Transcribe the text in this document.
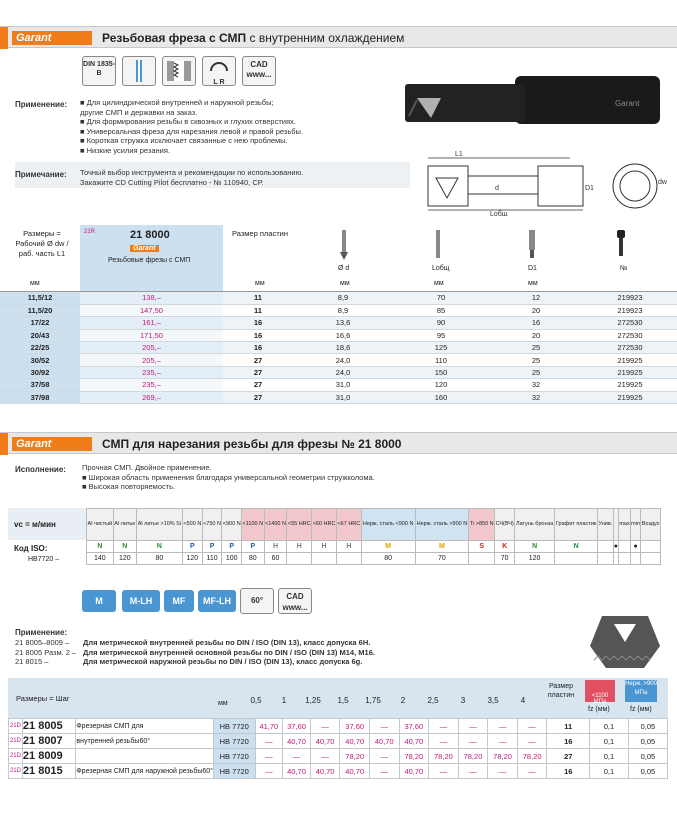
Garant	Резьбовая фреза с СМП с внутренним охлаждением
DIN 1835-B
L R
CAD www...
Garant
Применение: ■ Для цилиндрической внутренней и наружной резьбы;
другие СМП и державки на заказ.
■ Для формирования резьбы в сквозных и глухих отверстиях.
■ Универсальная фреза для нарезания левой и правой резьбы.
■ Короткая стружка исключает связанные с нею проблемы.
■ Низкие усилия резания.
Примечание: Точный выбор инструмента и рекомендации по использованию.
Закажите CD Cutting Pilot бесплатно - № 110940, СР.
L1
d	D1
Lобщ
dw
Размеры = Рабочий Ø dw / раб. часть L1
мм
21R	21 8000
Garant
Резьбовые фрезы с СМП
Размер пластин
мм
Ø d
мм
Lобщ
мм
D1
мм
№
11,5/12	138,–	11	8,9	70	12	219923
11,5/20	147,50	11	8,9	85	20	219923
17/22	161,–	16	13,6	90	16	272530
20/43	171,50	16	16,6	95	20	272530
22/25	205,–	16	18,6	125	25	272530
30/52	205,–	27	24,0	110	25	219925
30/92	235,–	27	24,0	150	25	219925
37/58	235,–	27	31,0	120	32	219925
37/98	269,–	27	31,0	160	32	219925
Garant	СМП для нарезания резьбы для фрезы № 21 8000
Исполнение: Прочная СМП. Двойное применение.
■ Широкая область применения благодаря универсальной геометрии стружколома.
■ Высокая повторяемость.
vc = м/мин
Код ISO:
HB7720 –
Al чистый	Al литье	Al литье >10% Si	<500 N	<750 N	<900 N	<1100 N	<1400 N	<55 HRC	<60 HRC	<67 HRC	Нерж. сталь <900 N	Нерж. сталь >900 N	Ti >850 N	СЧ(ВЧ)	Латунь бронза	Графит пластик	Унив.		max	min	Воздух
N	N	N	P	P	P	P	H	H	H	H	M	M	S	K	N	N		●		●	
140	120	80	120	110	100	80	60				80	70		70	120						
M	M-LH	MF	MF-LH	60°	CAD www...
Применение:
21 8005–8009 – Для метрической внутренней резьбы по DIN / ISO (DIN 13), класс допуска 6H.
21 8005 Разм. 2 – Для метрической внутренней основной резьбы по DIN / ISO (DIN 13) M14, M16.
21 8015 –	Для метрической наружной резьбы по DIN / ISO (DIN 13), класс допуска 6g.
Размеры = Шаг
мм
Размер пластин	<1100 МПа
Нерж. >900 МПа
fz (мм)	fz (мм)
0,5	1	1,25	1,5	1,75	2	2,5	3	3,5	4
21D	21 8005	Фрезерная СМП для	HB 7720	41,70	37,60	—	37,60	—	37,60	—	—	—	—	11	0,1	0,05
21D	21 8007	внутренней резьбы60°	HB 7720	—	40,70	40,70	40,70	40,70	40,70	—	—	—	—	16	0,1	0,05
21D	21 8009		HB 7720	—	—	—	78,20	—	78,20	78,20	78,20	78,20	78,20	27	0,1	0,05
21D	21 8015	Фрезерная СМП для наружной резьбы60°	HB 7720	—	40,70	40,70	40,70	—	40,70	—	—	—	—	16	0,1	0,05
